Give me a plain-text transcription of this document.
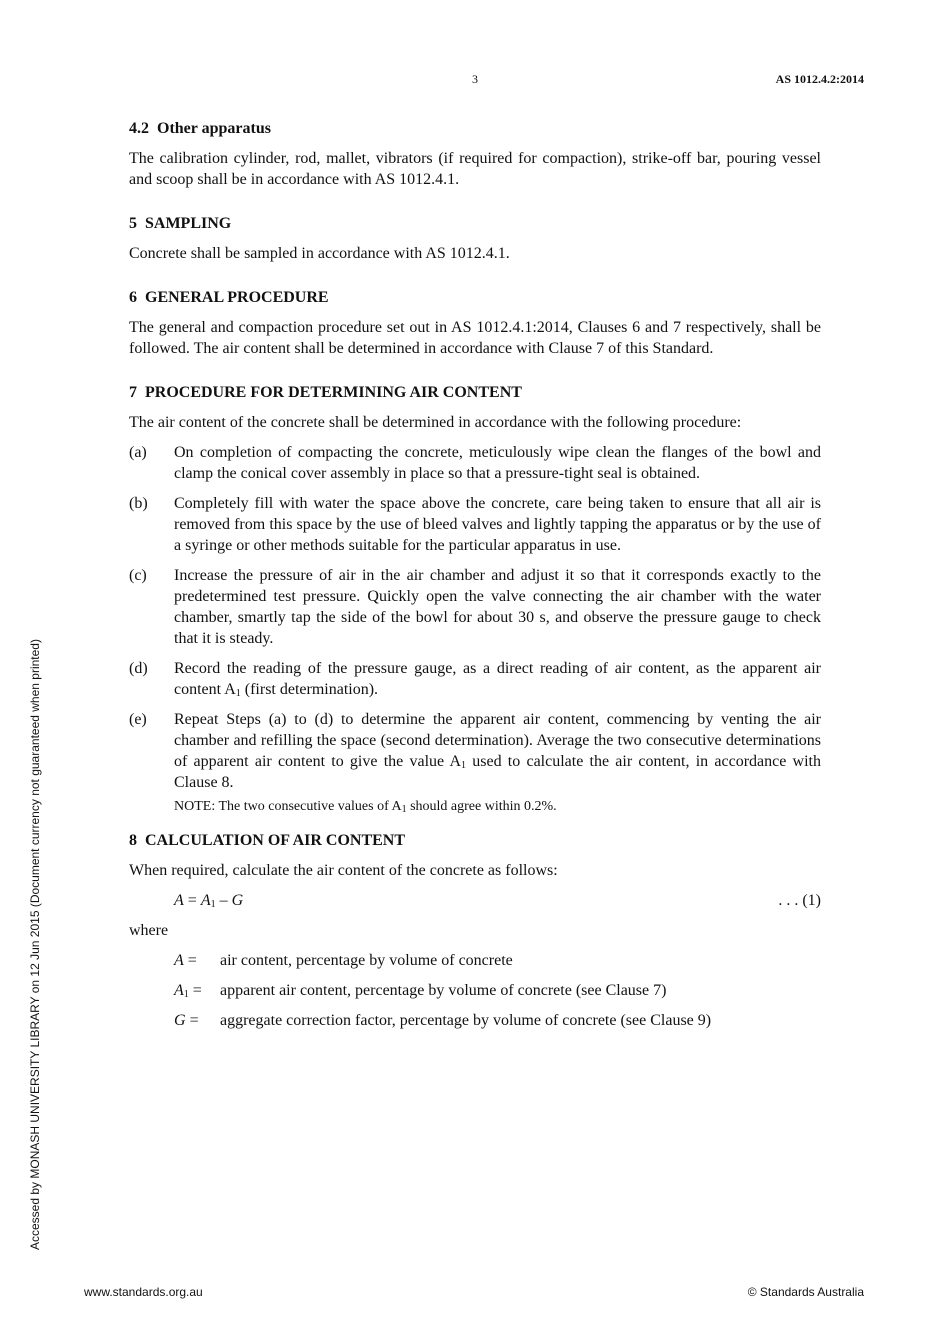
3	AS 1012.4.2:2014
4.2 Other apparatus

The calibration cylinder, rod, mallet, vibrators (if required for compaction), strike-off bar, pouring vessel and scoop shall be in accordance with AS 1012.4.1.

5 SAMPLING

Concrete shall be sampled in accordance with AS 1012.4.1.

6 GENERAL PROCEDURE

The general and compaction procedure set out in AS 1012.4.1:2014, Clauses 6 and 7 respectively, shall be followed. The air content shall be determined in accordance with Clause 7 of this Standard.

7 PROCEDURE FOR DETERMINING AIR CONTENT

The air content of the concrete shall be determined in accordance with the following procedure:

(a) On completion of compacting the concrete, meticulously wipe clean the flanges of the bowl and clamp the conical cover assembly in place so that a pressure-tight seal is obtained.
(b) Completely fill with water the space above the concrete, care being taken to ensure that all air is removed from this space by the use of bleed valves and lightly tapping the apparatus or by the use of a syringe or other methods suitable for the particular apparatus in use.
(c) Increase the pressure of air in the air chamber and adjust it so that it corresponds exactly to the predetermined test pressure. Quickly open the valve connecting the air chamber with the water chamber, smartly tap the side of the bowl for about 30 s, and observe the pressure gauge to check that it is steady.
(d) Record the reading of the pressure gauge, as a direct reading of air content, as the apparent air content $A_1$ (first determination).
(e) Repeat Steps (a) to (d) to determine the apparent air content, commencing by venting the air chamber and refilling the space (second determination). Average the two consecutive determinations of apparent air content to give the value $A_1$ used to calculate the air content, in accordance with Clause 8.
NOTE: The two consecutive values of $A_1$ should agree within 0.2%.
8 CALCULATION OF AIR CONTENT

When required, calculate the air content of the concrete as follows:

$A = A_1 - G$	. . . (1)

where

A =	air content, percentage by volume of concrete
$A_1$ =	apparent air content, percentage by volume of concrete (see Clause 7)
G =	aggregate correction factor, percentage by volume of concrete (see Clause 9)
Accessed by MONASH UNIVERSITY LIBRARY on 12 Jun 2015 (Document currency not guaranteed when printed)
www.standards.org.au	© Standards Australia
